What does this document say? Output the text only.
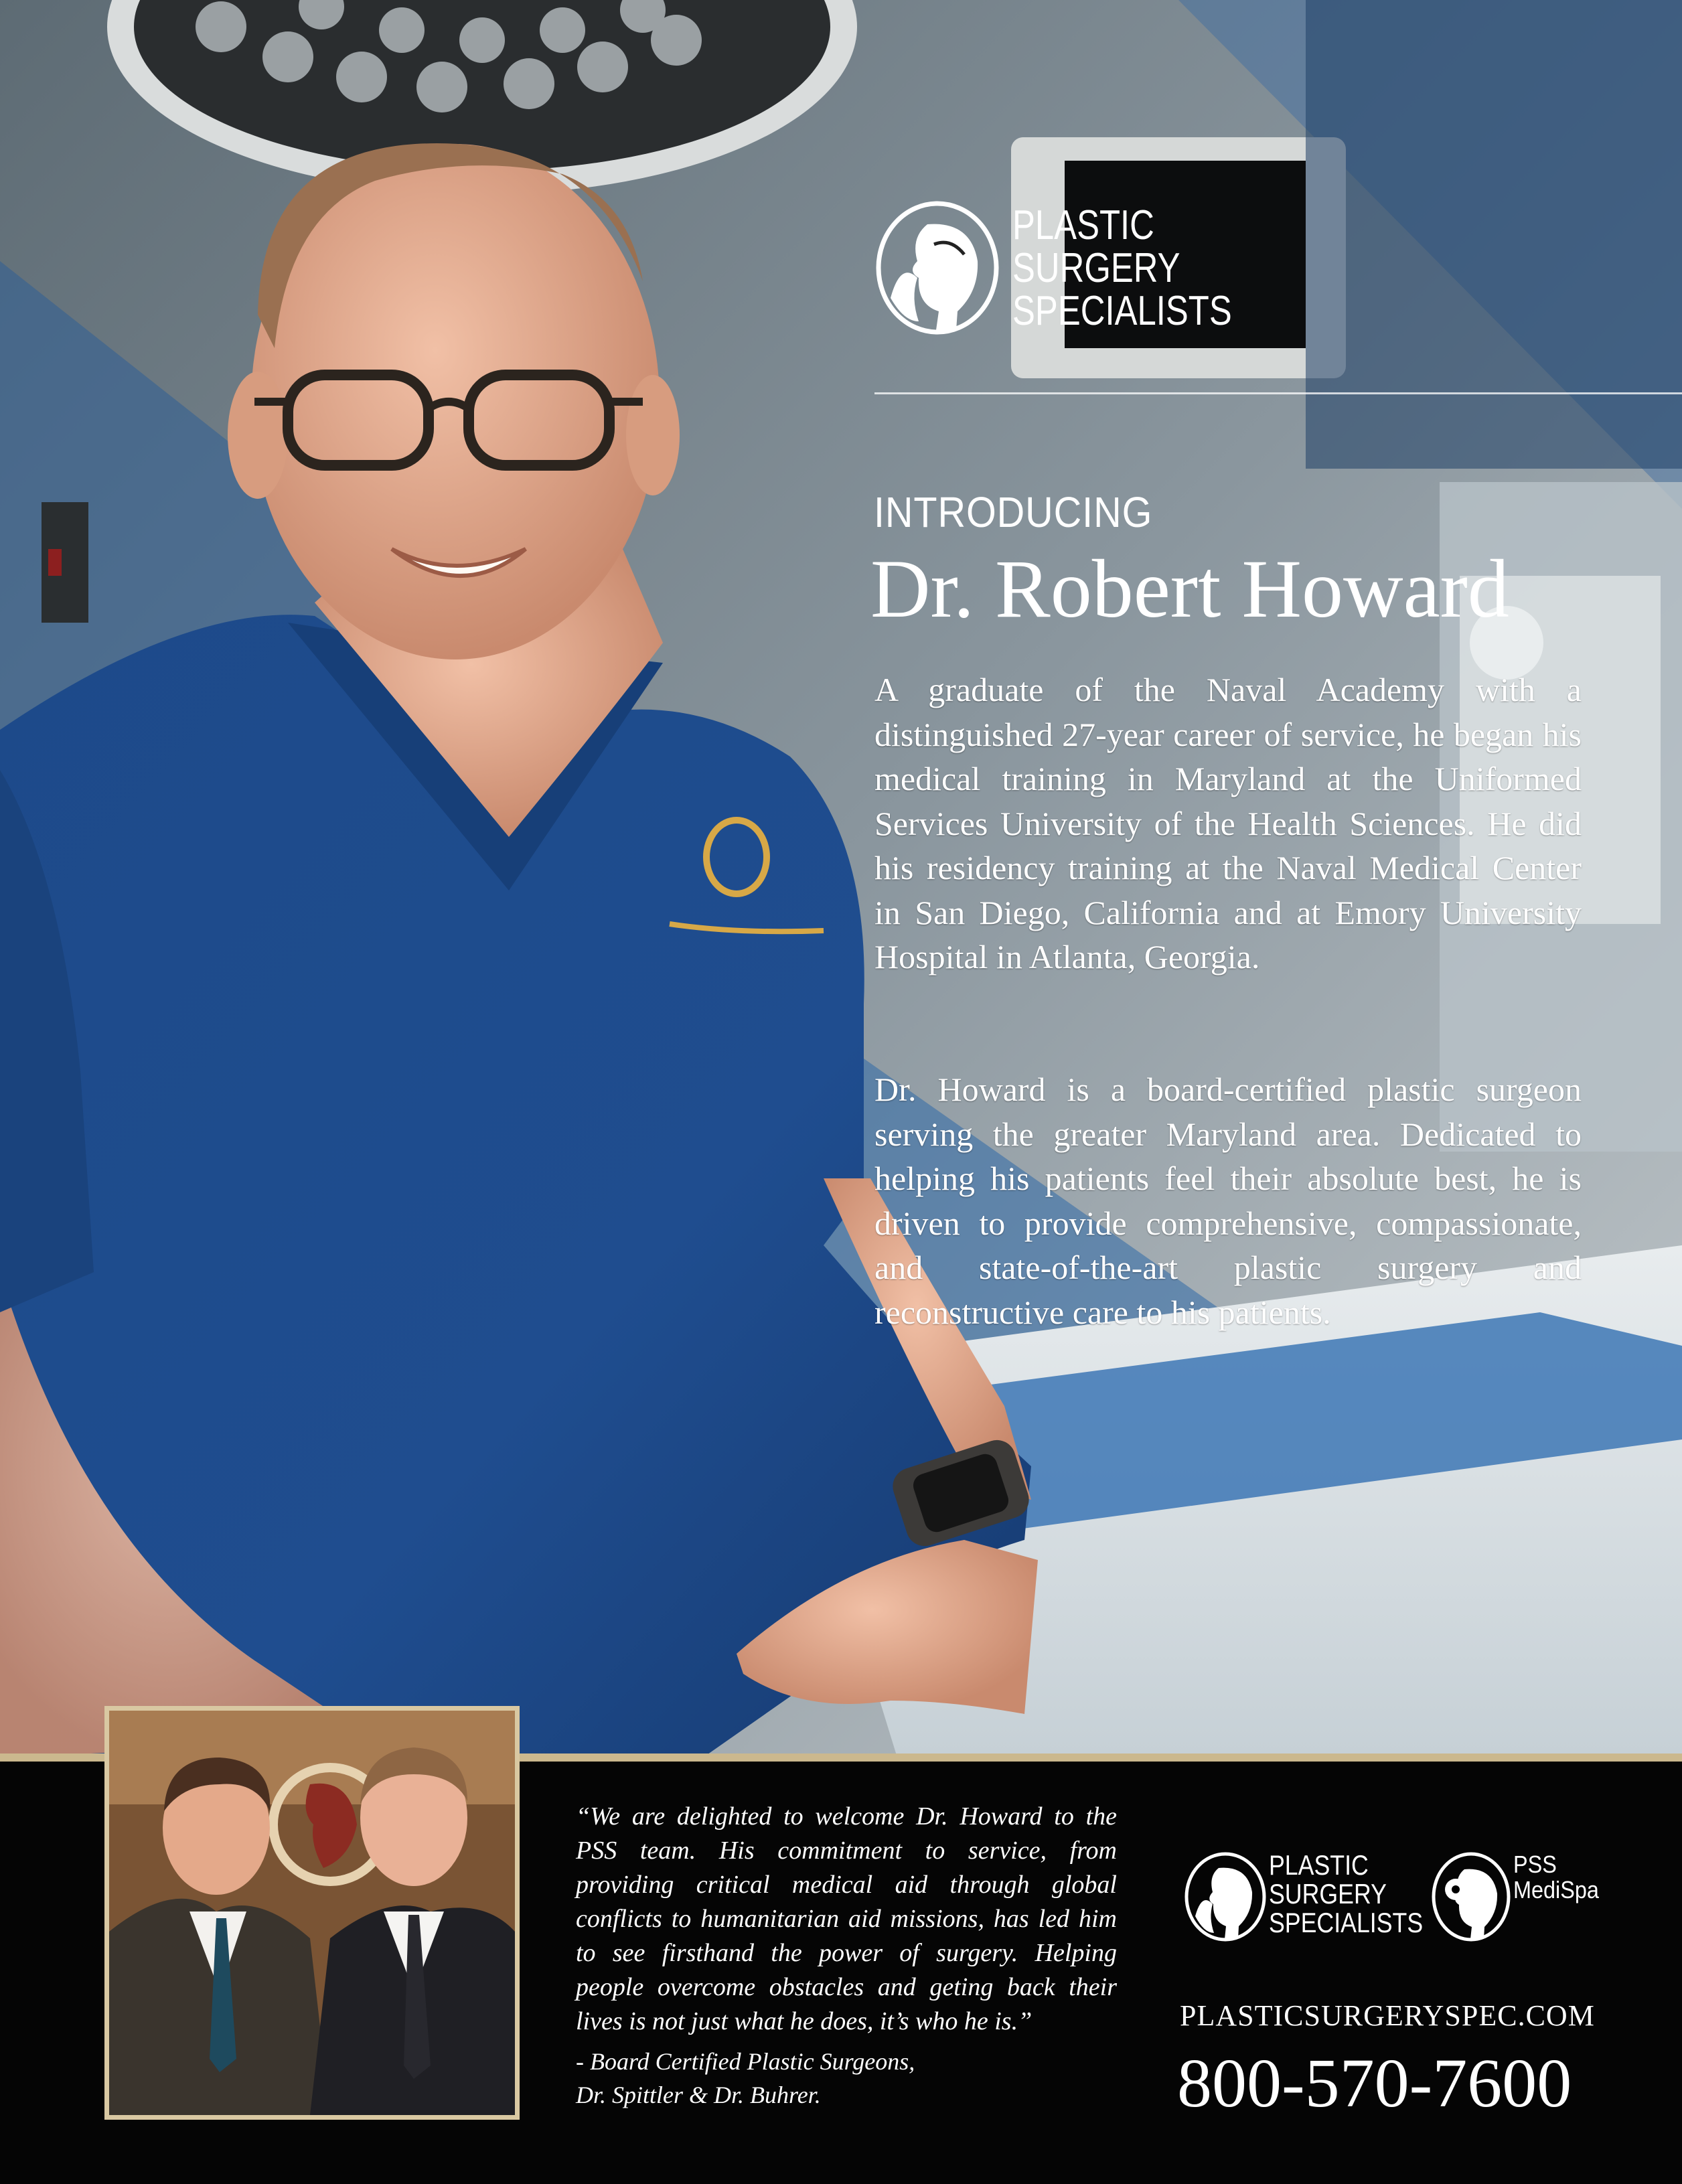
PLASTIC
SURGERY
SPECIALISTS
INTRODUCING
Dr. Robert Howard
A graduate of the Naval Academy with a distinguished 27-year career of service, he began his medical training in Maryland at the Uniformed Services University of the Health Sciences. He did his residency training at the Naval Medical Center in San Diego, California and at Emory University Hospital in Atlanta, Georgia.
Dr. Howard is a board-certified plastic surgeon serving the greater Maryland area. Dedicated to helping his patients feel their absolute best, he is driven to provide comprehensive, compassionate, and state-of-the-art plastic surgery and reconstructive care to his patients.
“We are delighted to welcome Dr. Howard to the PSS team. His commitment to service, from providing critical medical aid through global conflicts to humanitarian aid missions, has led him to see firsthand the power of surgery. Helping people overcome obstacles and geting back their lives is not just what he does, it’s who he is.”
- Board Certified Plastic Surgeons,
Dr. Spittler & Dr. Buhrer.
PLASTIC
SURGERY
SPECIALISTS
PSS
MediSpa
PLASTICSURGERYSPEC.COM
800-570-7600
